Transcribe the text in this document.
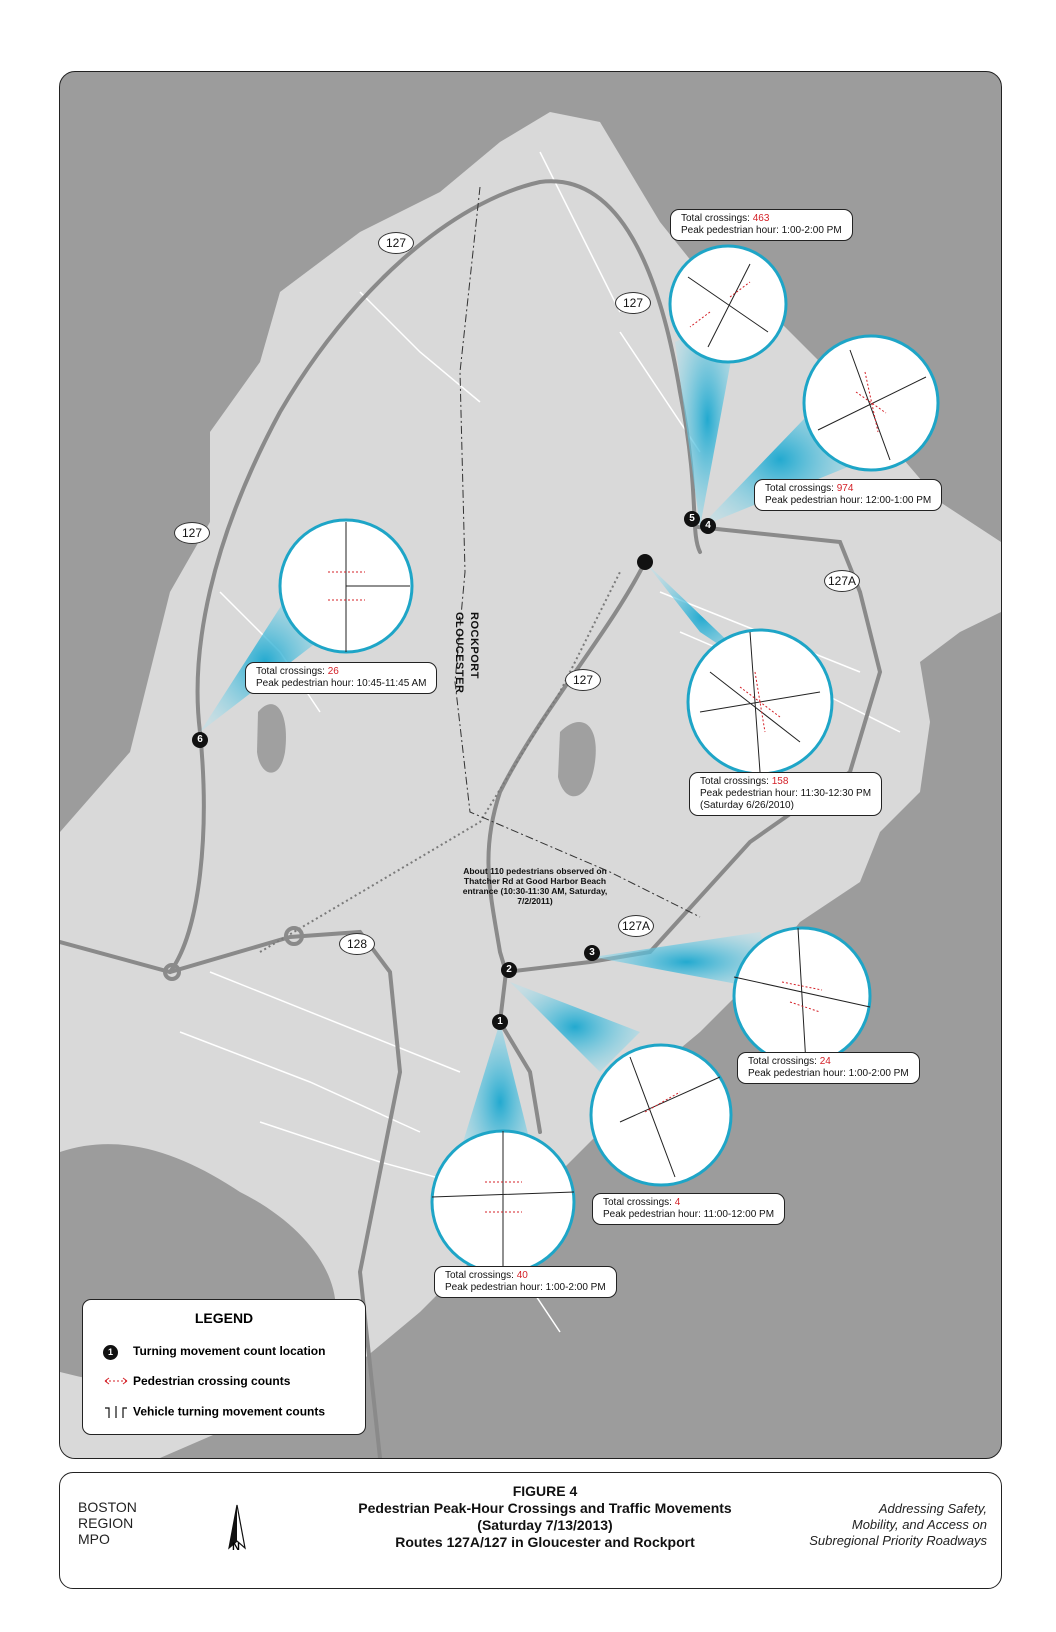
127
127
127
127
127A
127A
128
ROCKPORT
GLOUCESTER
1
2
3
4
5
6
About 110 pedestrians observed on Thatcher Rd at Good Harbor Beach entrance (10:30-11:30 AM, Saturday, 7/2/2011)
Total crossings: 463
Peak pedestrian hour: 1:00-2:00 PM
Total crossings: 974
Peak pedestrian hour: 12:00-1:00 PM
Total crossings: 26
Peak pedestrian hour: 10:45-11:45 AM
Total crossings: 158
Peak pedestrian hour: 11:30-12:30 PM
(Saturday 6/26/2010)
Total crossings: 24
Peak pedestrian hour: 1:00-2:00 PM
Total crossings: 4
Peak pedestrian hour: 11:00-12:00 PM
Total crossings: 40
Peak pedestrian hour: 1:00-2:00 PM
LEGEND
1 Turning movement count location
Pedestrian crossing counts
Vehicle turning movement counts
BOSTON
REGION
MPO	N
FIGURE 4
Pedestrian Peak-Hour Crossings and Traffic Movements
(Saturday 7/13/2013)
Routes 127A/127 in Gloucester and Rockport
Addressing Safety,
Mobility, and Access on
Subregional Priority Roadways
